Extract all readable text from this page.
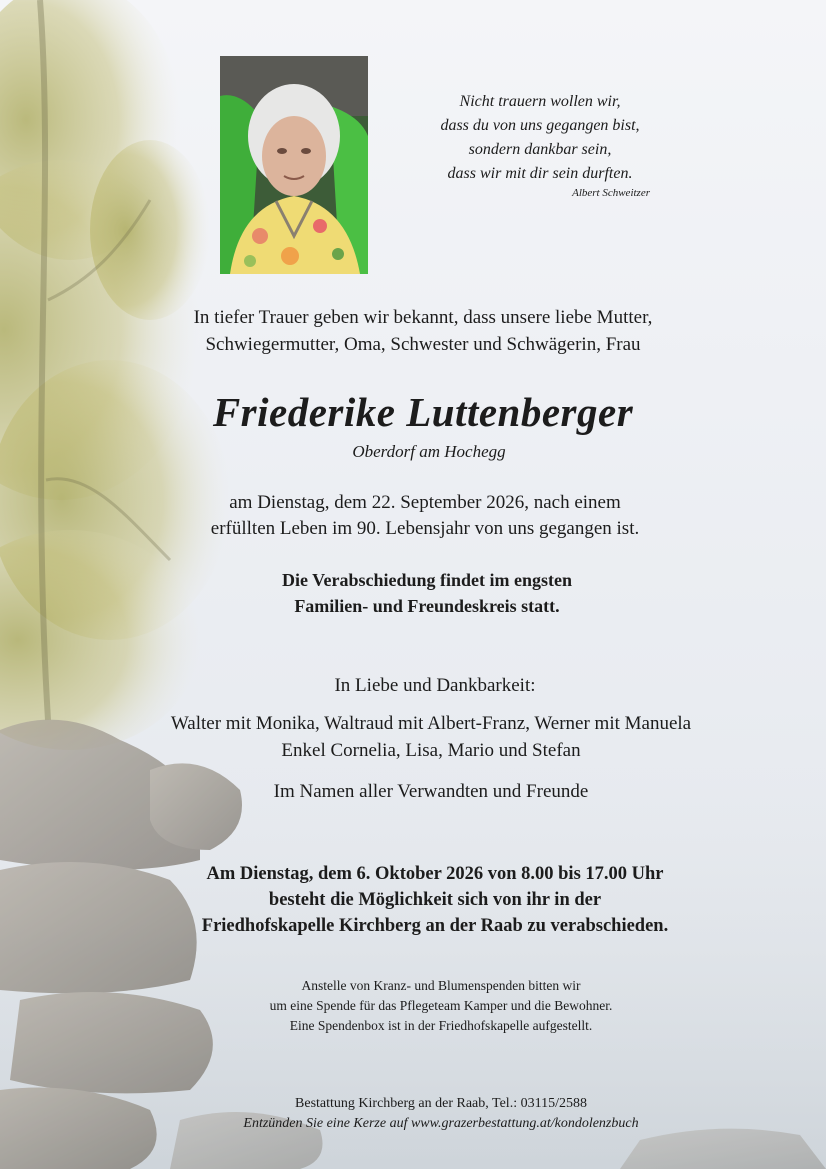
Nicht trauern wollen wir,
dass du von uns gegangen bist,
sondern dankbar sein,
dass wir mit dir sein durften.
Albert Schweitzer
In tiefer Trauer geben wir bekannt, dass unsere liebe Mutter,
Schwiegermutter, Oma, Schwester und Schwägerin, Frau
Friederike Luttenberger
Oberdorf am Hochegg
am Dienstag, dem 22. September 2026, nach einem
erfüllten Leben im 90. Lebensjahr von uns gegangen ist.
Die Verabschiedung findet im engsten
Familien- und Freundeskreis statt.
In Liebe und Dankbarkeit:
Walter mit Monika, Waltraud mit Albert-Franz, Werner mit Manuela
Enkel Cornelia, Lisa, Mario und Stefan
Im Namen aller Verwandten und Freunde
Am Dienstag, dem 6. Oktober 2026 von 8.00 bis 17.00 Uhr
besteht die Möglichkeit sich von ihr in der
Friedhofskapelle Kirchberg an der Raab zu verabschieden.
Anstelle von Kranz- und Blumenspenden bitten wir
um eine Spende für das Pflegeteam Kamper und die Bewohner.
Eine Spendenbox ist in der Friedhofskapelle aufgestellt.
Bestattung Kirchberg an der Raab, Tel.: 03115/2588
Entzünden Sie eine Kerze auf www.grazerbestattung.at/kondolenzbuch
